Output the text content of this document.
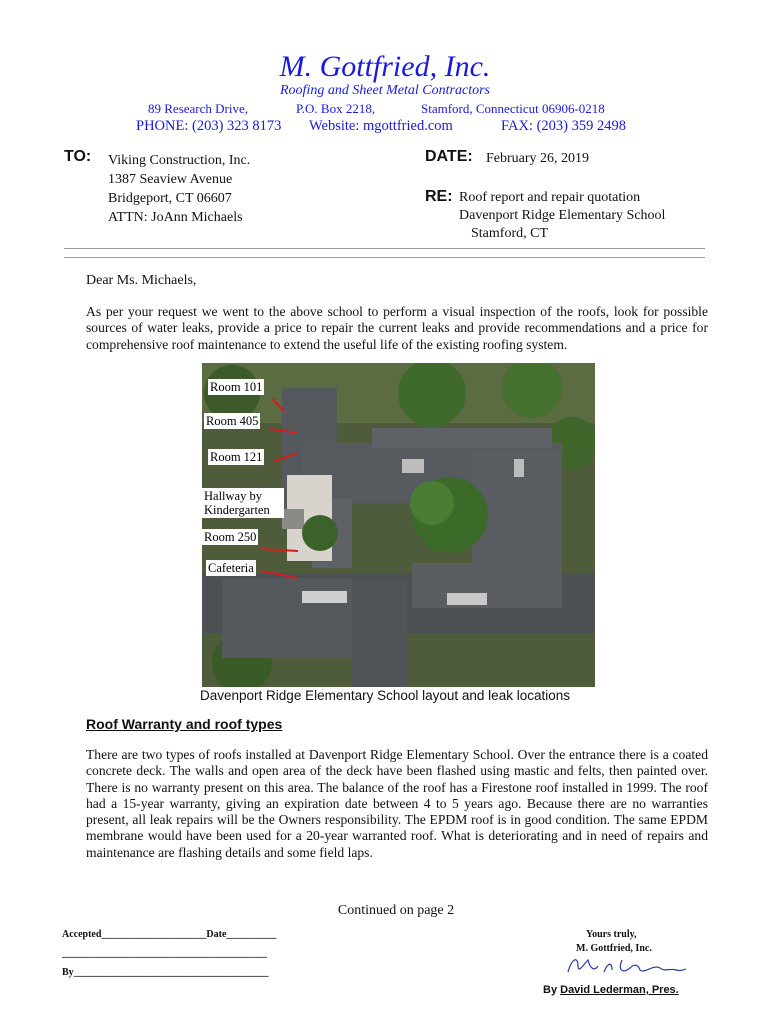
M. Gottfried, Inc.
Roofing and Sheet Metal Contractors
89 Research Drive,	P.O. Box 2218,	Stamford, Connecticut 06906-0218
PHONE: (203) 323 8173 Website: mgottfried.com	FAX: (203) 359 2498
TO: Viking Construction, Inc.
1387 Seaview Avenue
Bridgeport, CT 06607
ATTN: JoAnn Michaels
DATE: February 26, 2019
RE: Roof report and repair quotation
Davenport Ridge Elementary School
Stamford, CT
Dear Ms. Michaels,
As per your request we went to the above school to perform a visual inspection of the roofs, look for possible sources of water leaks, provide a price to repair the current leaks and provide recommendations and a price for comprehensive roof maintenance to extend the useful life of the existing roofing system.
Room 101
Room 405
Room 121
Hallway by Kindergarten
Room 250
Cafeteria
Davenport Ridge Elementary School layout and leak locations
Roof Warranty and roof types
There are two types of roofs installed at Davenport Ridge Elementary School. Over the entrance there is a coated concrete deck. The walls and open area of the deck have been flashed using mastic and felts, then painted over. There is no warranty present on this area. The balance of the roof has a Firestone roof installed in 1999. The roof had a 15-year warranty, giving an expiration date between 4 to 5 years ago. Because there are no warranties present, all leak repairs will be the Owners responsibility. The EPDM roof is in good condition. The same EPDM membrane would have been used for a 20-year warranted roof. What is deteriorating and in need of repairs and maintenance are flashing details and some field laps.
Continued on page 2
Accepted_____________________Date__________
_________________________________________
By_______________________________________
Yours truly,
M. Gottfried, Inc.
By David Lederman, Pres.
